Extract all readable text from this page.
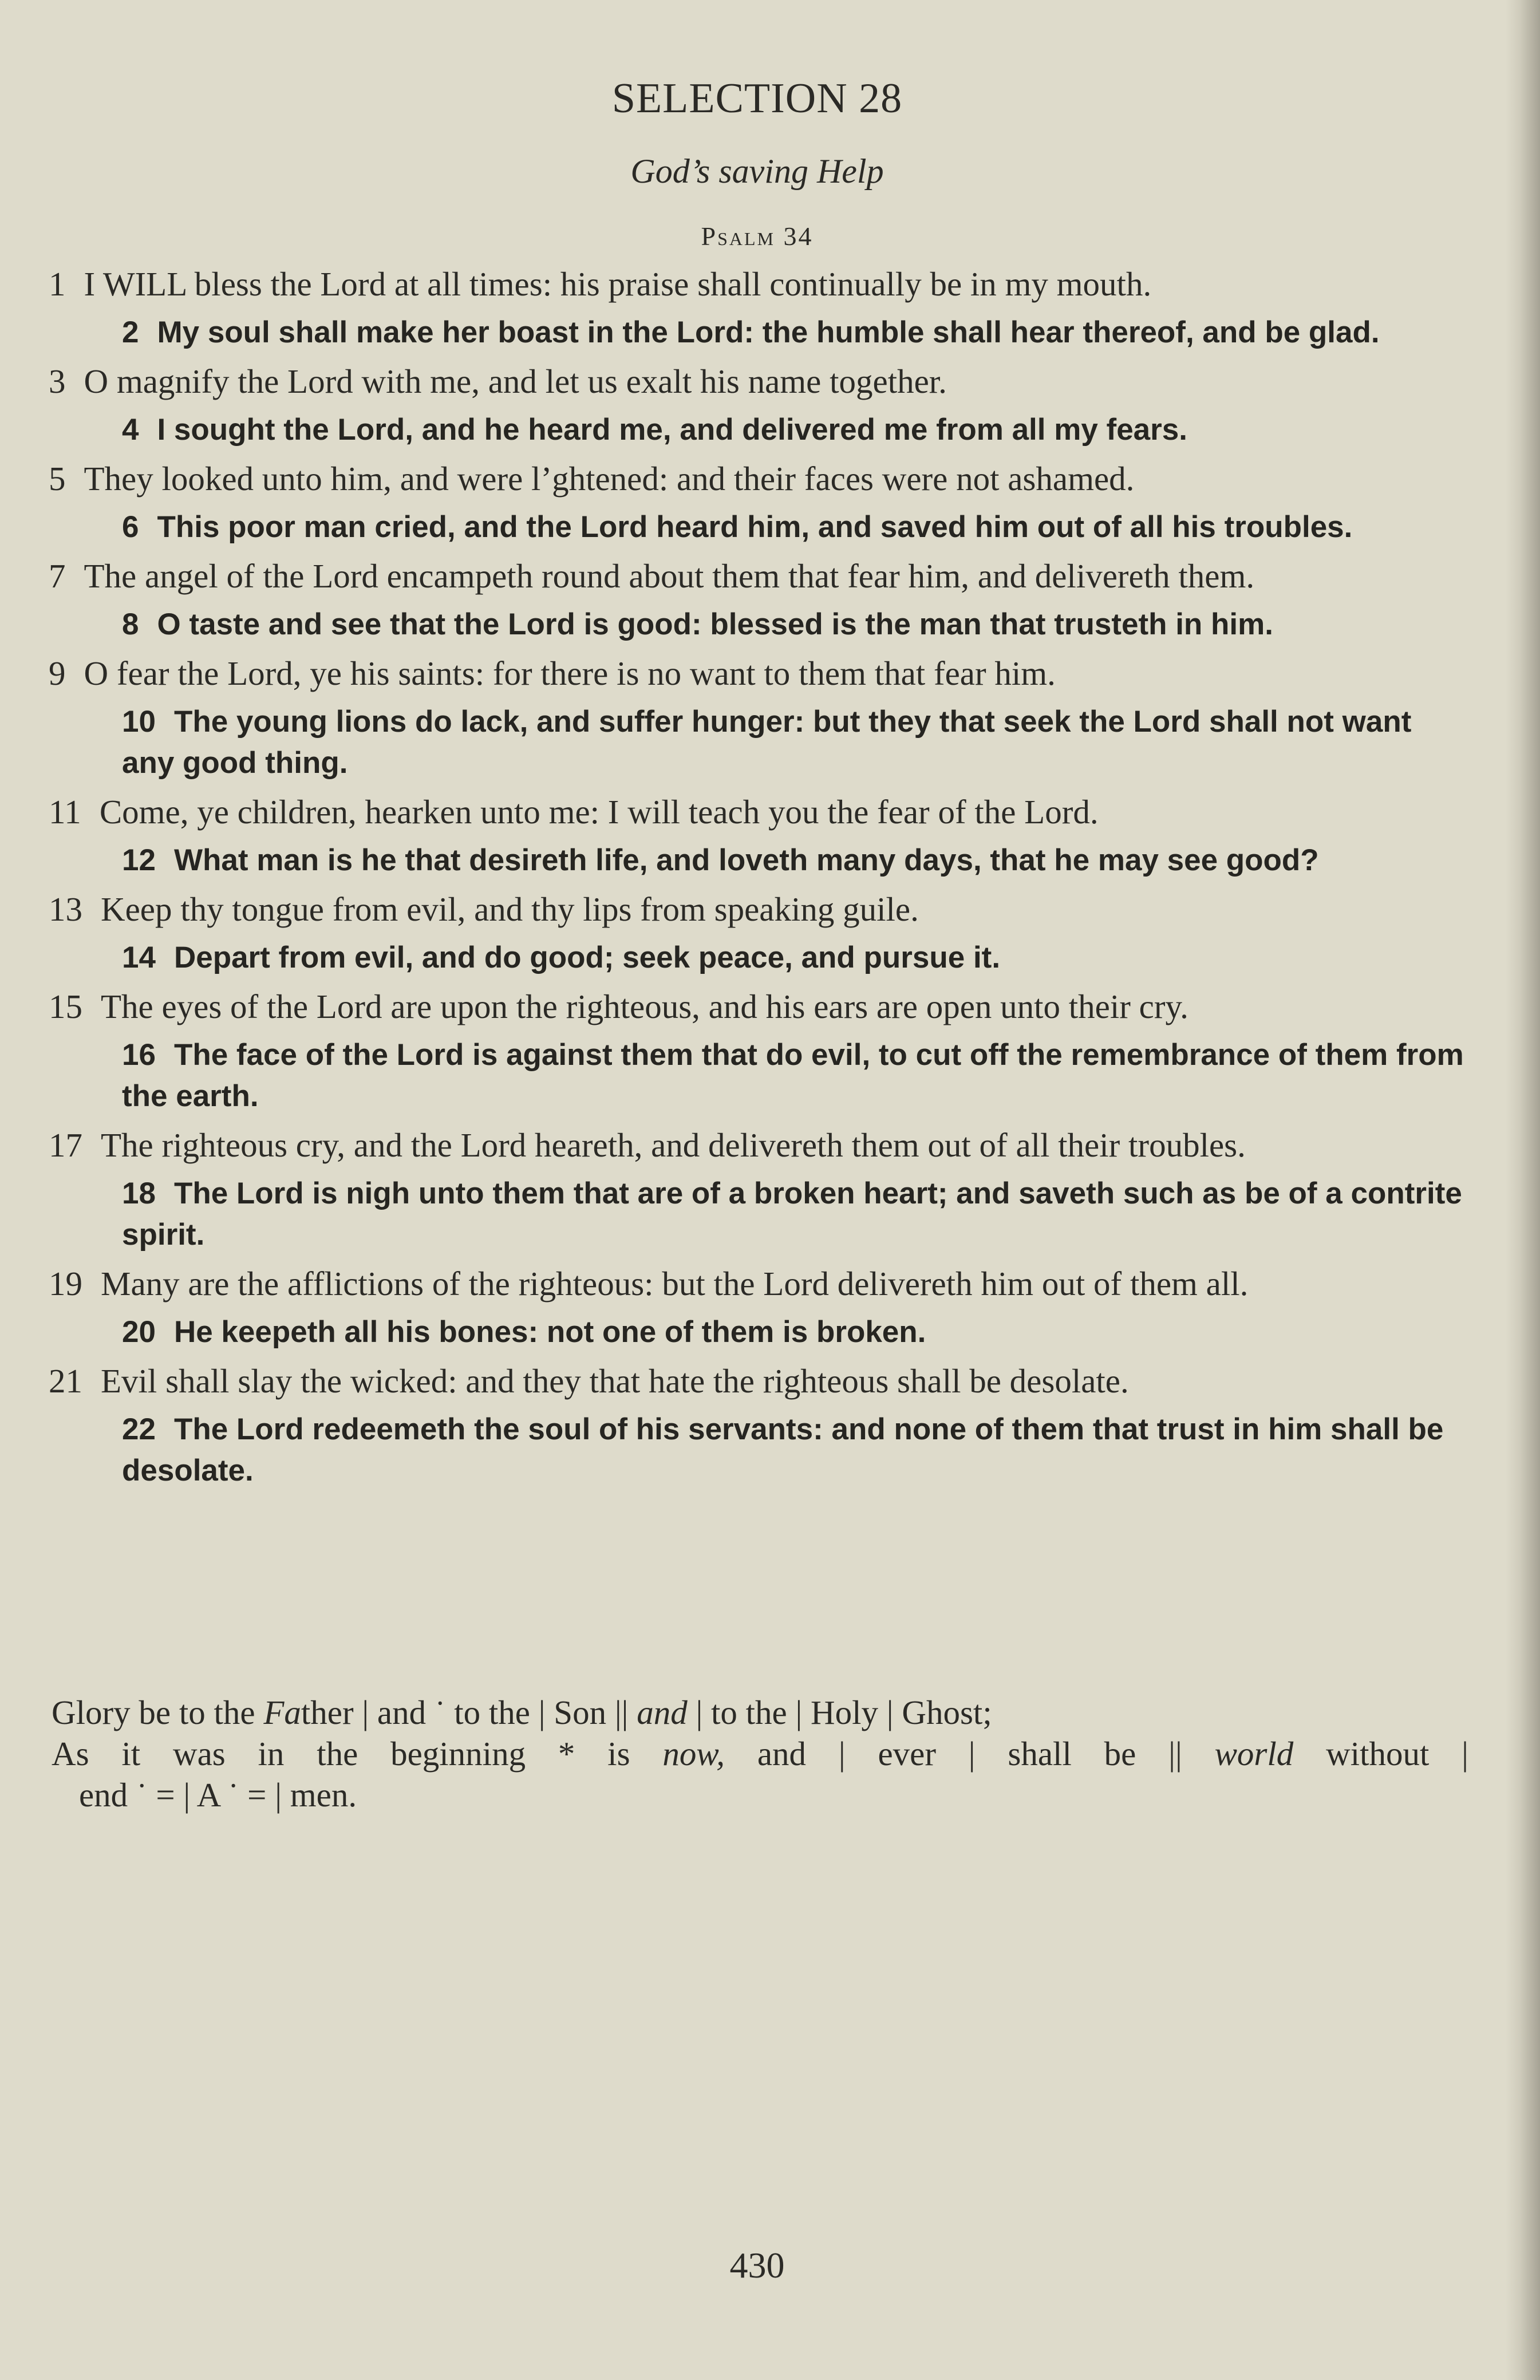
SELECTION 28
God’s saving Help
Psalm 34
1 I WILL bless the Lord at all times: his praise shall continually be in my mouth.
2 My soul shall make her boast in the Lord: the humble shall hear thereof, and be glad.
3 O magnify the Lord with me, and let us exalt his name together.
4 I sought the Lord, and he heard me, and delivered me from all my fears.
5 They looked unto him, and were l’ghtened: and their faces were not ashamed.
6 This poor man cried, and the Lord heard him, and saved him out of all his troubles.
7 The angel of the Lord encampeth round about them that fear him, and delivereth them.
8 O taste and see that the Lord is good: blessed is the man that trusteth in him.
9 O fear the Lord, ye his saints: for there is no want to them that fear him.
10 The young lions do lack, and suffer hunger: but they that seek the Lord shall not want any good thing.
11 Come, ye children, hearken unto me: I will teach you the fear of the Lord.
12 What man is he that desireth life, and loveth many days, that he may see good?
13 Keep thy tongue from evil, and thy lips from speaking guile.
14 Depart from evil, and do good; seek peace, and pursue it.
15 The eyes of the Lord are upon the righteous, and his ears are open unto their cry.
16 The face of the Lord is against them that do evil, to cut off the remembrance of them from the earth.
17 The righteous cry, and the Lord heareth, and delivereth them out of all their troubles.
18 The Lord is nigh unto them that are of a broken heart; and saveth such as be of a contrite spirit.
19 Many are the afflictions of the righteous: but the Lord delivereth him out of them all.
20 He keepeth all his bones: not one of them is broken.
21 Evil shall slay the wicked: and they that hate the righteous shall be desolate.
22 The Lord redeemeth the soul of his servants: and none of them that trust in him shall be desolate.
Glory be to the Father | and ˙ to the | Son || and | to the | Holy | Ghost;
As it was in the beginning * is now, and | ever | shall be || world without |
end ˙ = | A ˙ = | men.
430
